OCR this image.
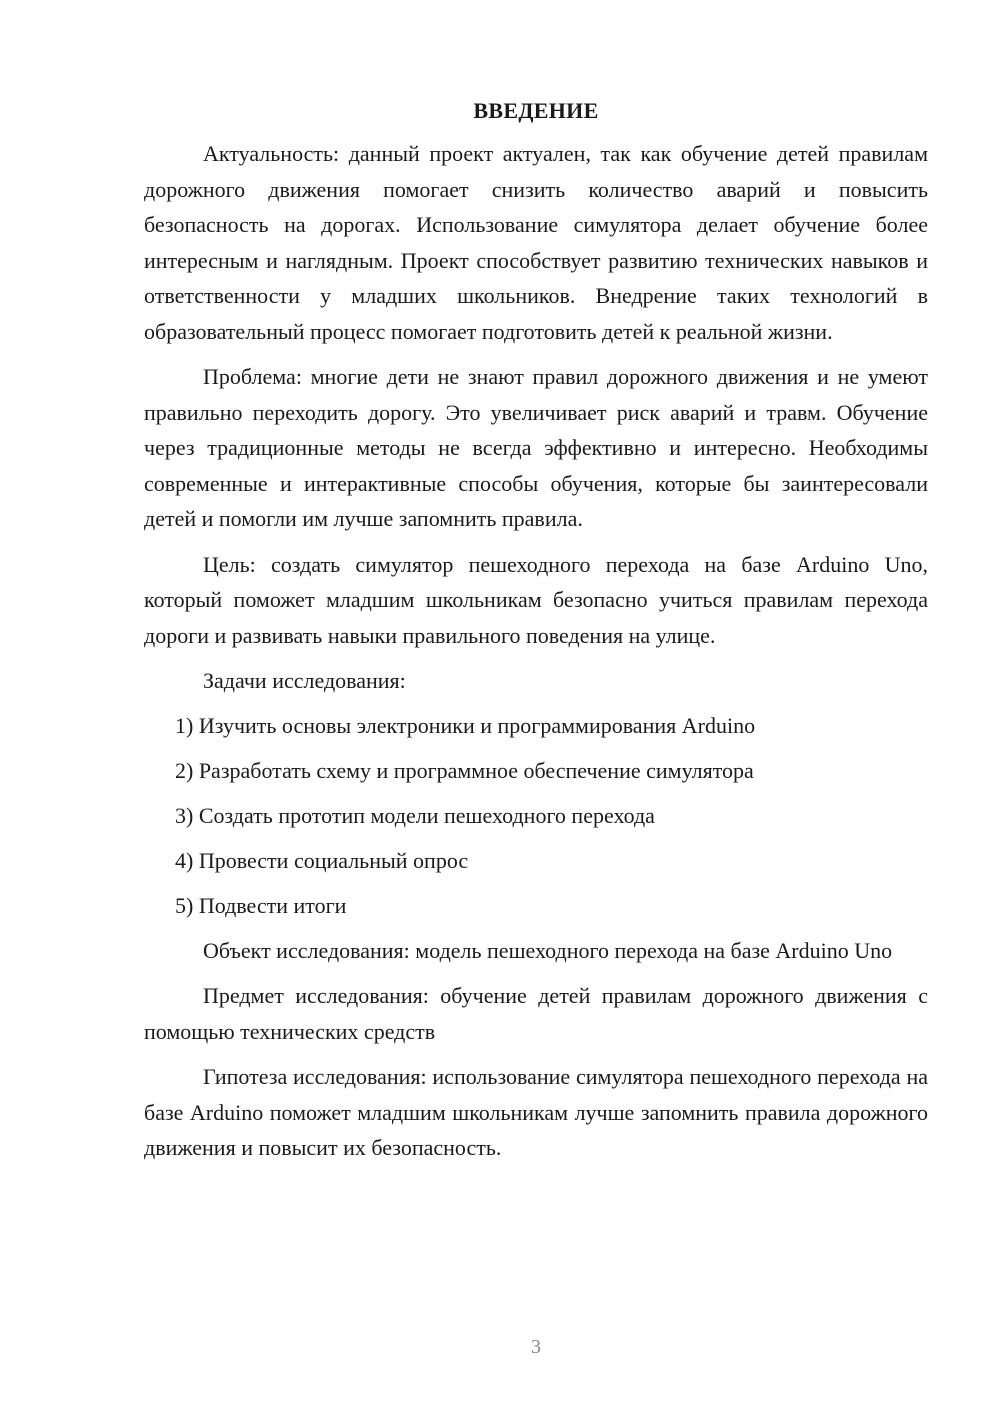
ВВЕДЕНИЕ

Актуальность: данный проект актуален, так как обучение детей правилам дорожного движения помогает снизить количество аварий и повысить безопасность на дорогах. Использование симулятора делает обучение более интересным и наглядным. Проект способствует развитию технических навыков и ответственности у младших школьников. Внедрение таких технологий в образовательный процесс помогает подготовить детей к реальной жизни.

Проблема: многие дети не знают правил дорожного движения и не умеют правильно переходить дорогу. Это увеличивает риск аварий и травм. Обучение через традиционные методы не всегда эффективно и интересно. Необходимы современные и интерактивные способы обучения, которые бы заинтересовали детей и помогли им лучше запомнить правила.

Цель: создать симулятор пешеходного перехода на базе Arduino Uno, который поможет младшим школьникам безопасно учиться правилам перехода дороги и развивать навыки правильного поведения на улице.

Задачи исследования:

1) Изучить основы электроники и программирования Arduino
2) Разработать схему и программное обеспечение симулятора
3) Создать прототип модели пешеходного перехода
4) Провести социальный опрос
5) Подвести итоги

Объект исследования: модель пешеходного перехода на базе Arduino Uno

Предмет исследования: обучение детей правилам дорожного движения с помощью технических средств

Гипотеза исследования: использование симулятора пешеходного перехода на базе Arduino поможет младшим школьникам лучше запомнить правила дорожного движения и повысит их безопасность.

3
